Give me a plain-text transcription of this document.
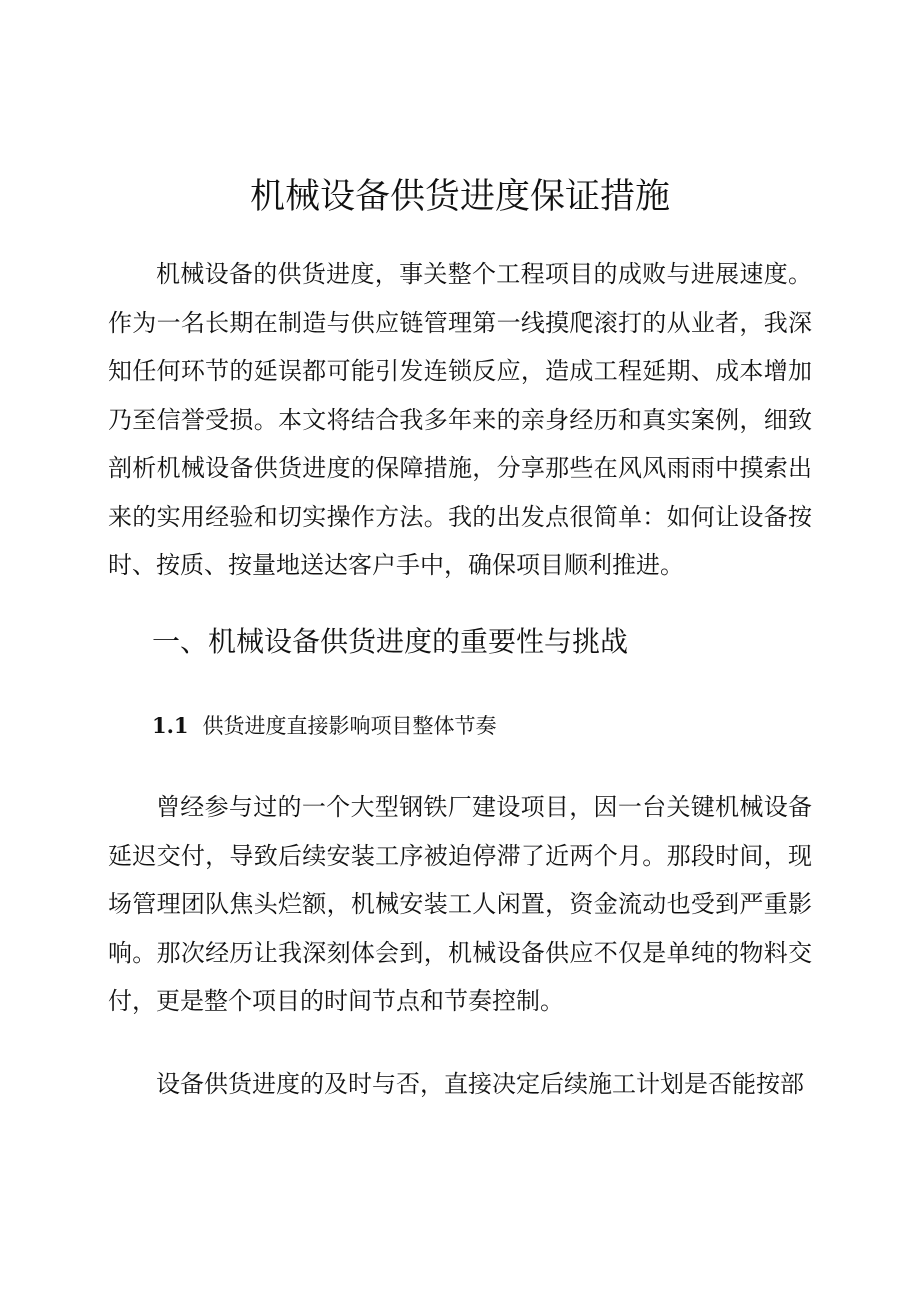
机械设备供货进度保证措施

机械设备的供货进度，事关整个工程项目的成败与进展速度。作为一名长期在制造与供应链管理第一线摸爬滚打的从业者，我深知任何环节的延误都可能引发连锁反应，造成工程延期、成本增加乃至信誉受损。本文将结合我多年来的亲身经历和真实案例，细致剖析机械设备供货进度的保障措施，分享那些在风风雨雨中摸索出来的实用经验和切实操作方法。我的出发点很简单：如何让设备按时、按质、按量地送达客户手中，确保项目顺利推进。

一、机械设备供货进度的重要性与挑战
1.1 供货进度直接影响项目整体节奏

曾经参与过的一个大型钢铁厂建设项目，因一台关键机械设备延迟交付，导致后续安装工序被迫停滞了近两个月。那段时间，现场管理团队焦头烂额，机械安装工人闲置，资金流动也受到严重影响。那次经历让我深刻体会到，机械设备供应不仅是单纯的物料交付，更是整个项目的时间节点和节奏控制。

设备供货进度的及时与否，直接决定后续施工计划是否能按部
